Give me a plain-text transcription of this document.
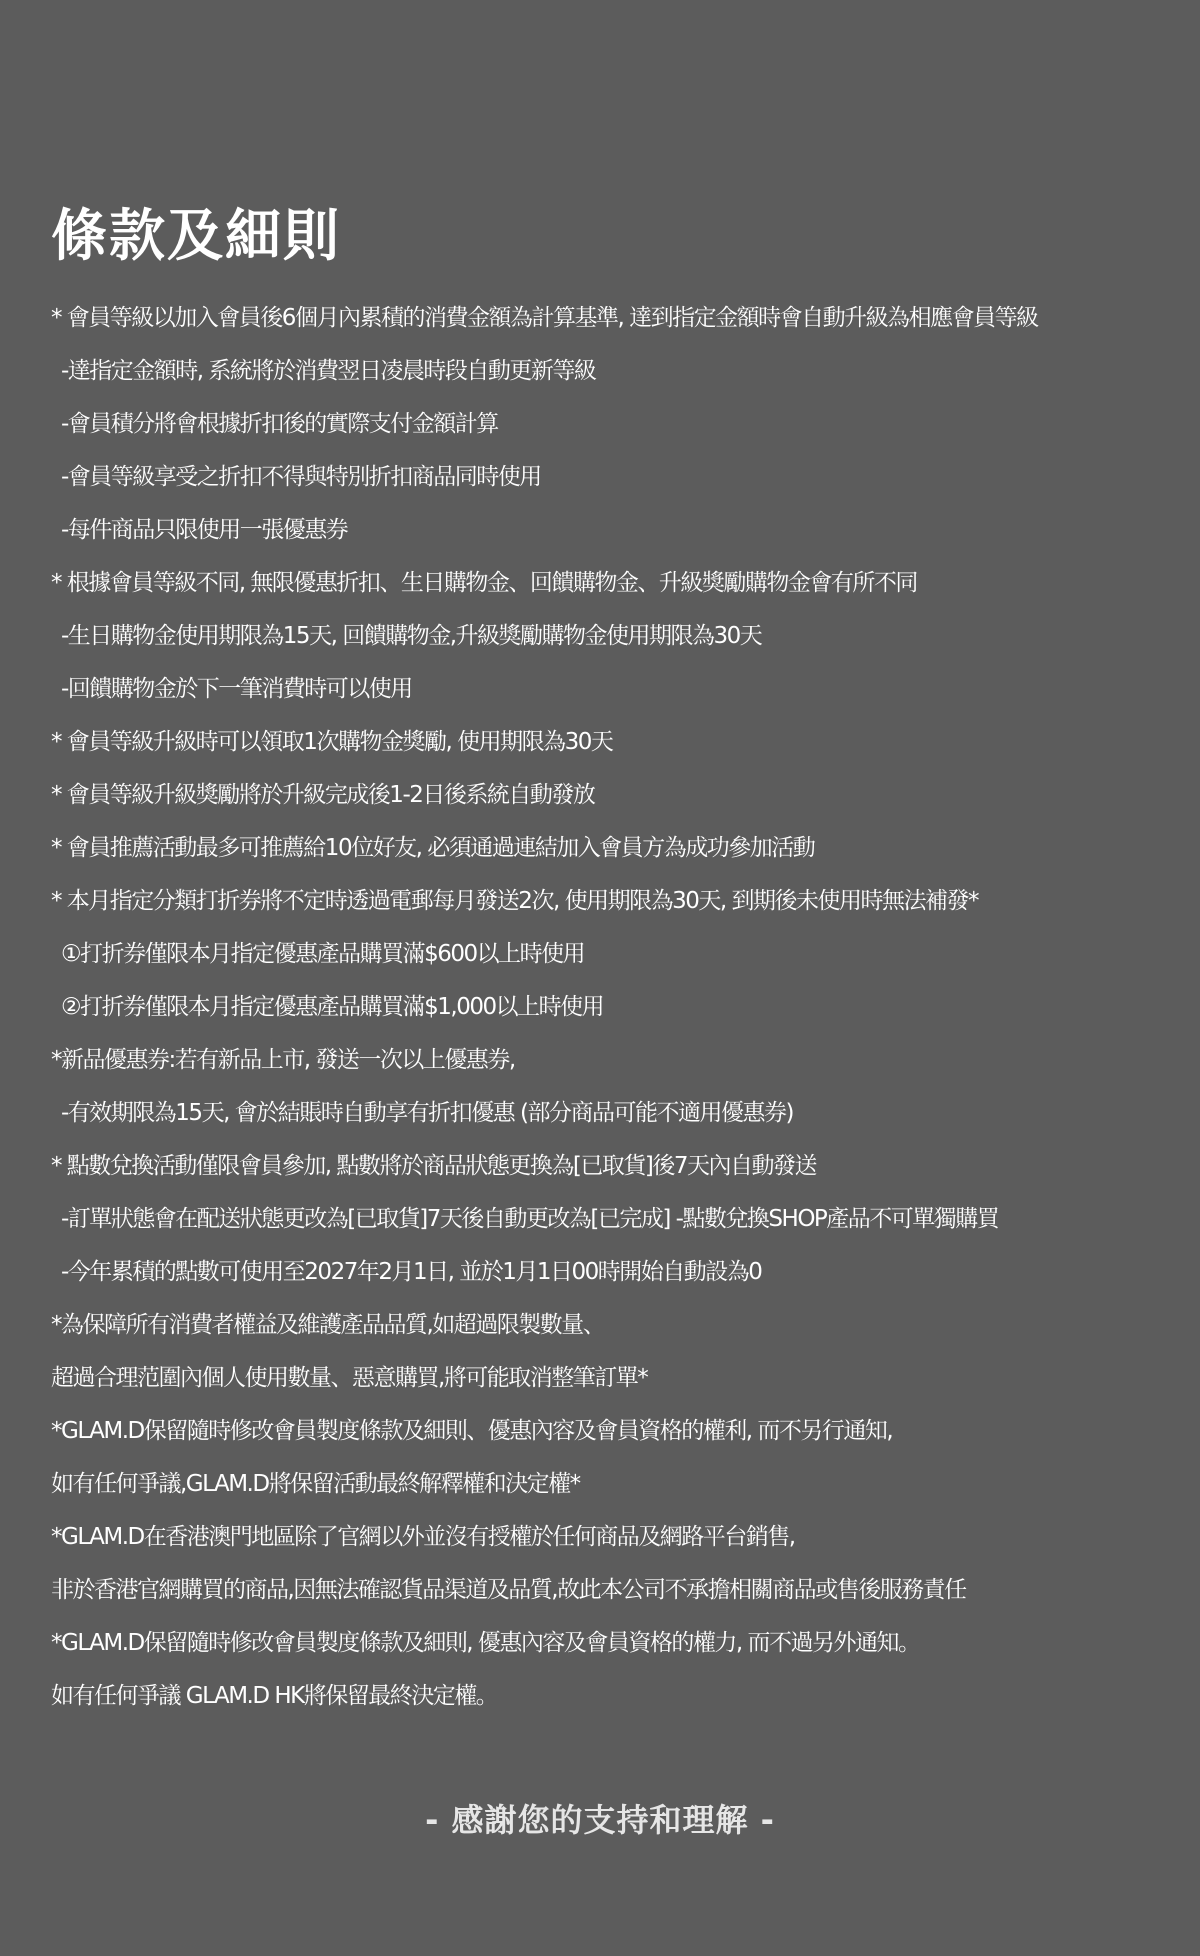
條款及細則
* 會員等級以加入會員後6個月內累積的消費金額為計算基準, 達到指定金額時會自動升級為相應會員等級
-達指定金額時, 系統將於消費翌日凌晨時段自動更新等級
-會員積分將會根據折扣後的實際支付金額計算
-會員等級享受之折扣不得與特別折扣商品同時使用
-每件商品只限使用一張優惠券
* 根據會員等級不同, 無限優惠折扣、生日購物金、回饋購物金、升級獎勵購物金會有所不同
-生日購物金使用期限為15天, 回饋購物金,升級獎勵購物金使用期限為30天
-回饋購物金於下一筆消費時可以使用
* 會員等級升級時可以領取1次購物金獎勵, 使用期限為30天
* 會員等級升級獎勵將於升級完成後1-2日後系統自動發放
* 會員推薦活動最多可推薦給10位好友, 必須通過連結加入會員方為成功參加活動
* 本月指定分類打折券將不定時透過電郵每月發送2次, 使用期限為30天, 到期後未使用時無法補發*
①打折券僅限本月指定優惠產品購買滿$600以上時使用
②打折券僅限本月指定優惠產品購買滿$1,000以上時使用
*新品優惠券:若有新品上市, 發送一次以上優惠券,
-有效期限為15天, 會於結賬時自動享有折扣優惠 (部分商品可能不適用優惠券)
* 點數兌換活動僅限會員參加, 點數將於商品狀態更換為[已取貨]後7天內自動發送
-訂單狀態會在配送狀態更改為[已取貨]7天後自動更改為[已完成] -點數兌換SHOP產品不可單獨購買
-今年累積的點數可使用至2027年2月1日, 並於1月1日00時開始自動設為0
*為保障所有消費者權益及維護產品品質,如超過限製數量、
超過合理范圍內個人使用數量、惡意購買,將可能取消整筆訂單*
*GLAM.D保留隨時修改會員製度條款及細則、優惠內容及會員資格的權利, 而不另行通知,
如有任何爭議,GLAM.D將保留活動最終解釋權和決定權*
*GLAM.D在香港澳門地區除了官網以外並沒有授權於任何商品及網路平台銷售,
非於香港官網購買的商品,因無法確認貨品渠道及品質,故此本公司不承擔相關商品或售後服務責任
*GLAM.D保留隨時修改會員製度條款及細則, 優惠內容及會員資格的權力, 而不過另外通知。
如有任何爭議 GLAM.D HK將保留最終決定權。
- 感謝您的支持和理解 -
